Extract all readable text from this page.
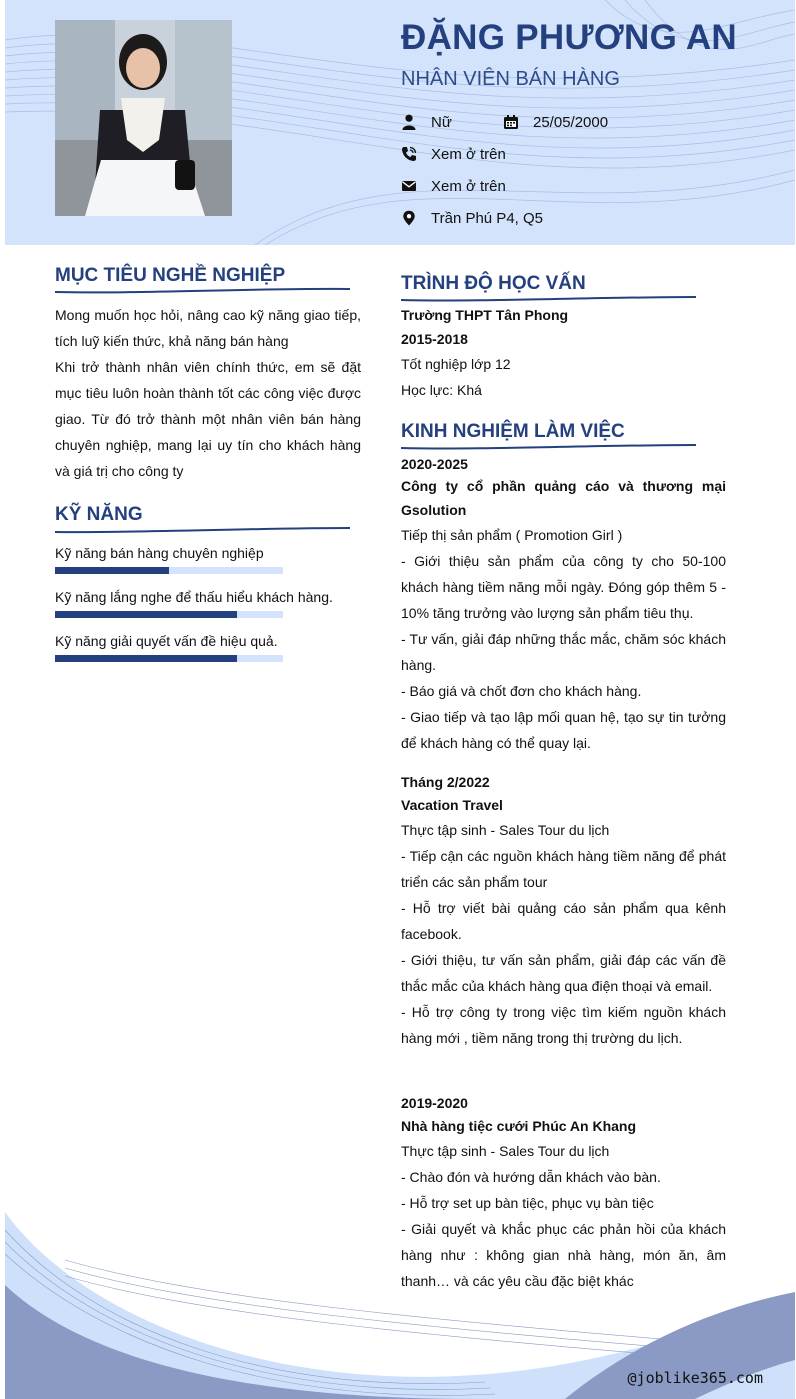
ĐẶNG PHƯƠNG AN
NHÂN VIÊN BÁN HÀNG
Nữ	25/05/2000
Xem ở trên
Xem ở trên
Trần Phú P4, Q5
MỤC TIÊU NGHỀ NGHIỆP
Mong muốn học hỏi, nâng cao kỹ năng giao tiếp, tích luỹ kiến thức, khả năng bán hàng
Khi trở thành nhân viên chính thức, em sẽ đặt mục tiêu luôn hoàn thành tốt các công việc được giao. Từ đó trở thành một nhân viên bán hàng chuyên nghiệp, mang lại uy tín cho khách hàng và giá trị cho công ty
KỸ NĂNG
Kỹ năng bán hàng chuyên nghiệp
Kỹ năng lắng nghe để thấu hiểu khách hàng.
Kỹ năng giải quyết vấn đề hiệu quả.
TRÌNH ĐỘ HỌC VẤN
Trường THPT Tân Phong
2015-2018
Tốt nghiệp lớp 12
Học lực: Khá
KINH NGHIỆM LÀM VIỆC
2020-2025
Công ty cổ phần quảng cáo và thương mại Gsolution
Tiếp thị sản phẩm ( Promotion Girl )
- Giới thiệu sản phẩm của công ty cho 50-100 khách hàng tiềm năng mỗi ngày. Đóng góp thêm 5 - 10% tăng trưởng vào lượng sản phẩm tiêu thụ.
- Tư vấn, giải đáp những thắc mắc, chăm sóc khách hàng.
- Báo giá và chốt đơn cho khách hàng.
- Giao tiếp và tạo lập mối quan hệ, tạo sự tin tưởng để khách hàng có thể quay lại.
Tháng 2/2022
Vacation Travel
Thực tập sinh - Sales Tour du lịch
- Tiếp cận các nguồn khách hàng tiềm năng để phát triển các sản phẩm tour
- Hỗ trợ viết bài quảng cáo sản phẩm qua kênh facebook.
- Giới thiệu, tư vấn sản phẩm, giải đáp các vấn đề thắc mắc của khách hàng qua điện thoại và email.
- Hỗ trợ công ty trong việc tìm kiếm nguồn khách hàng mới , tiềm năng trong thị trường du lịch.
2019-2020
Nhà hàng tiệc cưới Phúc An Khang
Thực tập sinh - Sales Tour du lịch
- Chào đón và hướng dẫn khách vào bàn.
- Hỗ trợ set up bàn tiệc, phục vụ bàn tiệc
- Giải quyết và khắc phục các phản hồi của khách hàng như : không gian nhà hàng, món ăn, âm thanh… và các yêu cầu đặc biệt khác
@joblike365.com
